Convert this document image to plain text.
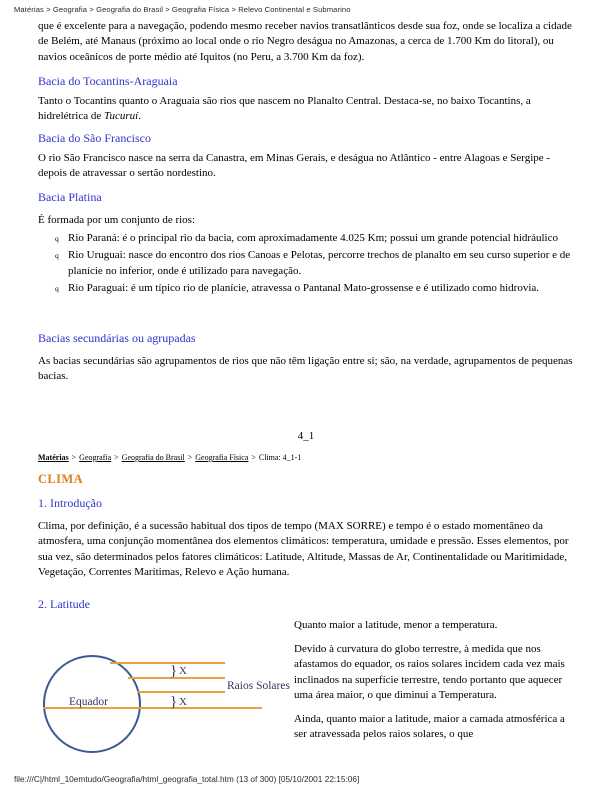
Matérias > Geografia > Geografia do Brasil > Geografia Física > Relevo Continental e Submarino

que é excelente para a navegação, podendo mesmo receber navios transatlânticos desde sua foz, onde se localiza a cidade de Belém, até Manaus (próximo ao local onde o rio Negro deságua no Amazonas, a cerca de 1.700 Km do litoral), ou navios oceânicos de porte médio até Iquitos (no Peru, a 3.700 Km da foz).

Bacia do Tocantins-Araguaia

Tanto o Tocantins quanto o Araguaia são rios que nascem no Planalto Central. Destaca-se, no baixo Tocantins, a hidrelétrica de Tucuruí.

Bacia do São Francisco

O rio São Francisco nasce na serra da Canastra, em Minas Gerais, e deságua no Atlântico - entre Alagoas e Sergipe - depois de atravessar o sertão nordestino.

Bacia Platina

É formada por um conjunto de rios:

q Rio Paraná: é o principal rio da bacia, com aproximadamente 4.025 Km; possui um grande potencial hidráulico
q Rio Uruguai: nasce do encontro dos rios Canoas e Pelotas, percorre trechos de planalto em seu curso superior e de planície no inferior, onde é utilizado para navegação.
q Rio Paraguai: é um típico rio de planície, atravessa o Pantanal Mato-grossense e é utilizado como hidrovia.
Bacias secundárias ou agrupadas

As bacias secundárias são agrupamentos de rios que não têm ligação entre si; são, na verdade, agrupamentos de pequenas bacias.

4_1
Matérias > Geografia > Geografia do Brasil > Geografia Física > Clima: 4_1-1
CLIMA
1. Introdução

Clima, por definição, é a sucessão habitual dos tipos de tempo (MAX SORRE) e tempo é o estado momentâneo da atmosfera, uma conjunção momentânea dos elementos climáticos: temperatura, umidade e pressão. Esses elementos, por sua vez, são determinados pelos fatores climáticos: Latitude, Altitude, Massas de Ar, Continentalidade ou Maritimidade, Vegetação, Correntes Marítimas, Relevo e Ação humana.

2. Latitude

Quanto maior a latitude, menor a temperatura.

Devido à curvatura do globo terrestre, à medida que nos afastamos do equador, os raios solares incidem cada vez mais inclinados na superfície terrestre, tendo portanto que aquecer uma área maior, o que diminui a Temperatura.

Ainda, quanto maior a latitude, maior a camada atmosférica a ser atravessada pelos raios solares, o que

} X
} X
Raios Solares
Equador
file:///C|/html_10emtudo/Geografia/html_geografia_total.htm (13 of 300) [05/10/2001 22:15:06]
